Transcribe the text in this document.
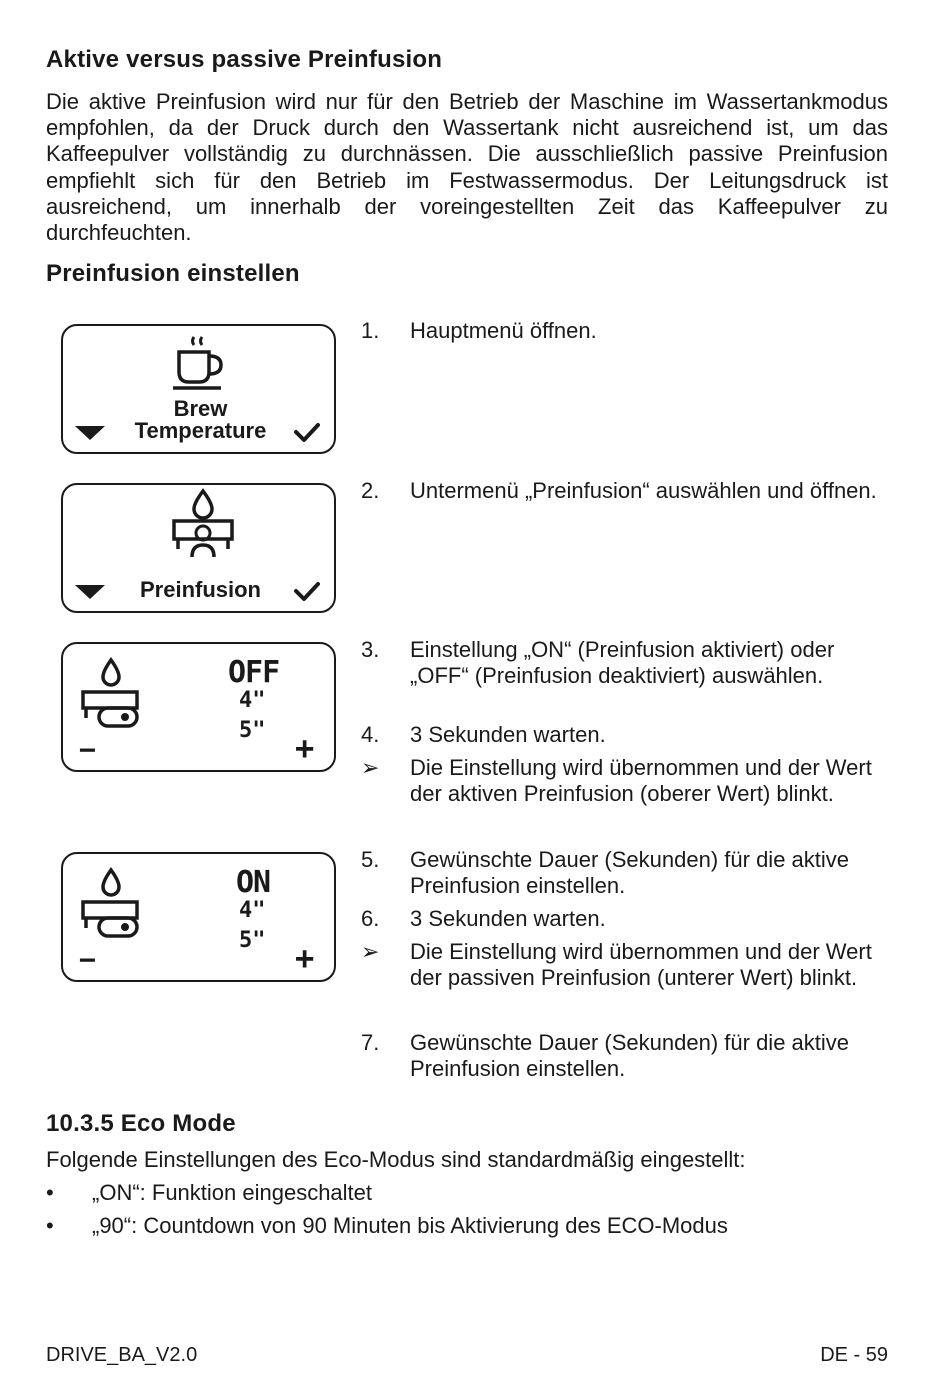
Aktive versus passive Preinfusion

Die aktive Preinfusion wird nur für den Betrieb der Maschine im Wassertankmodus empfohlen, da der Druck durch den Wassertank nicht ausreichend ist, um das Kaffeepulver vollständig zu durchnässen. Die ausschließlich passive Preinfusion empfiehlt sich für den Betrieb im Festwassermodus. Der Leitungsdruck ist ausreichend, um innerhalb der voreingestellten Zeit das Kaffeepulver zu durchfeuchten.

Preinfusion einstellen
Brew
Temperature
Preinfusion
OFF
4"
5"
−	+
ON
4"
5"
−	+
1. Hauptmenü öffnen.
2. Untermenü „Preinfusion“ auswählen und öffnen.
3. Einstellung „ON“ (Preinfusion aktiviert) oder „OFF“ (Preinfusion deaktiviert) auswählen.
4. 3 Sekunden warten.
➢ Die Einstellung wird übernommen und der Wert der aktiven Preinfusion (oberer Wert) blinkt.
5. Gewünschte Dauer (Sekunden) für die aktive Preinfusion einstellen.
6. 3 Sekunden warten.
➢ Die Einstellung wird übernommen und der Wert der passiven Preinfusion (unterer Wert) blinkt.
7. Gewünschte Dauer (Sekunden) für die aktive Preinfusion einstellen.
10.3.5 Eco Mode
Folgende Einstellungen des Eco-Modus sind standardmäßig eingestellt:
• „ON“: Funktion eingeschaltet
• „90“: Countdown von 90 Minuten bis Aktivierung des ECO-Modus
DRIVE_BA_V2.0	DE - 59
